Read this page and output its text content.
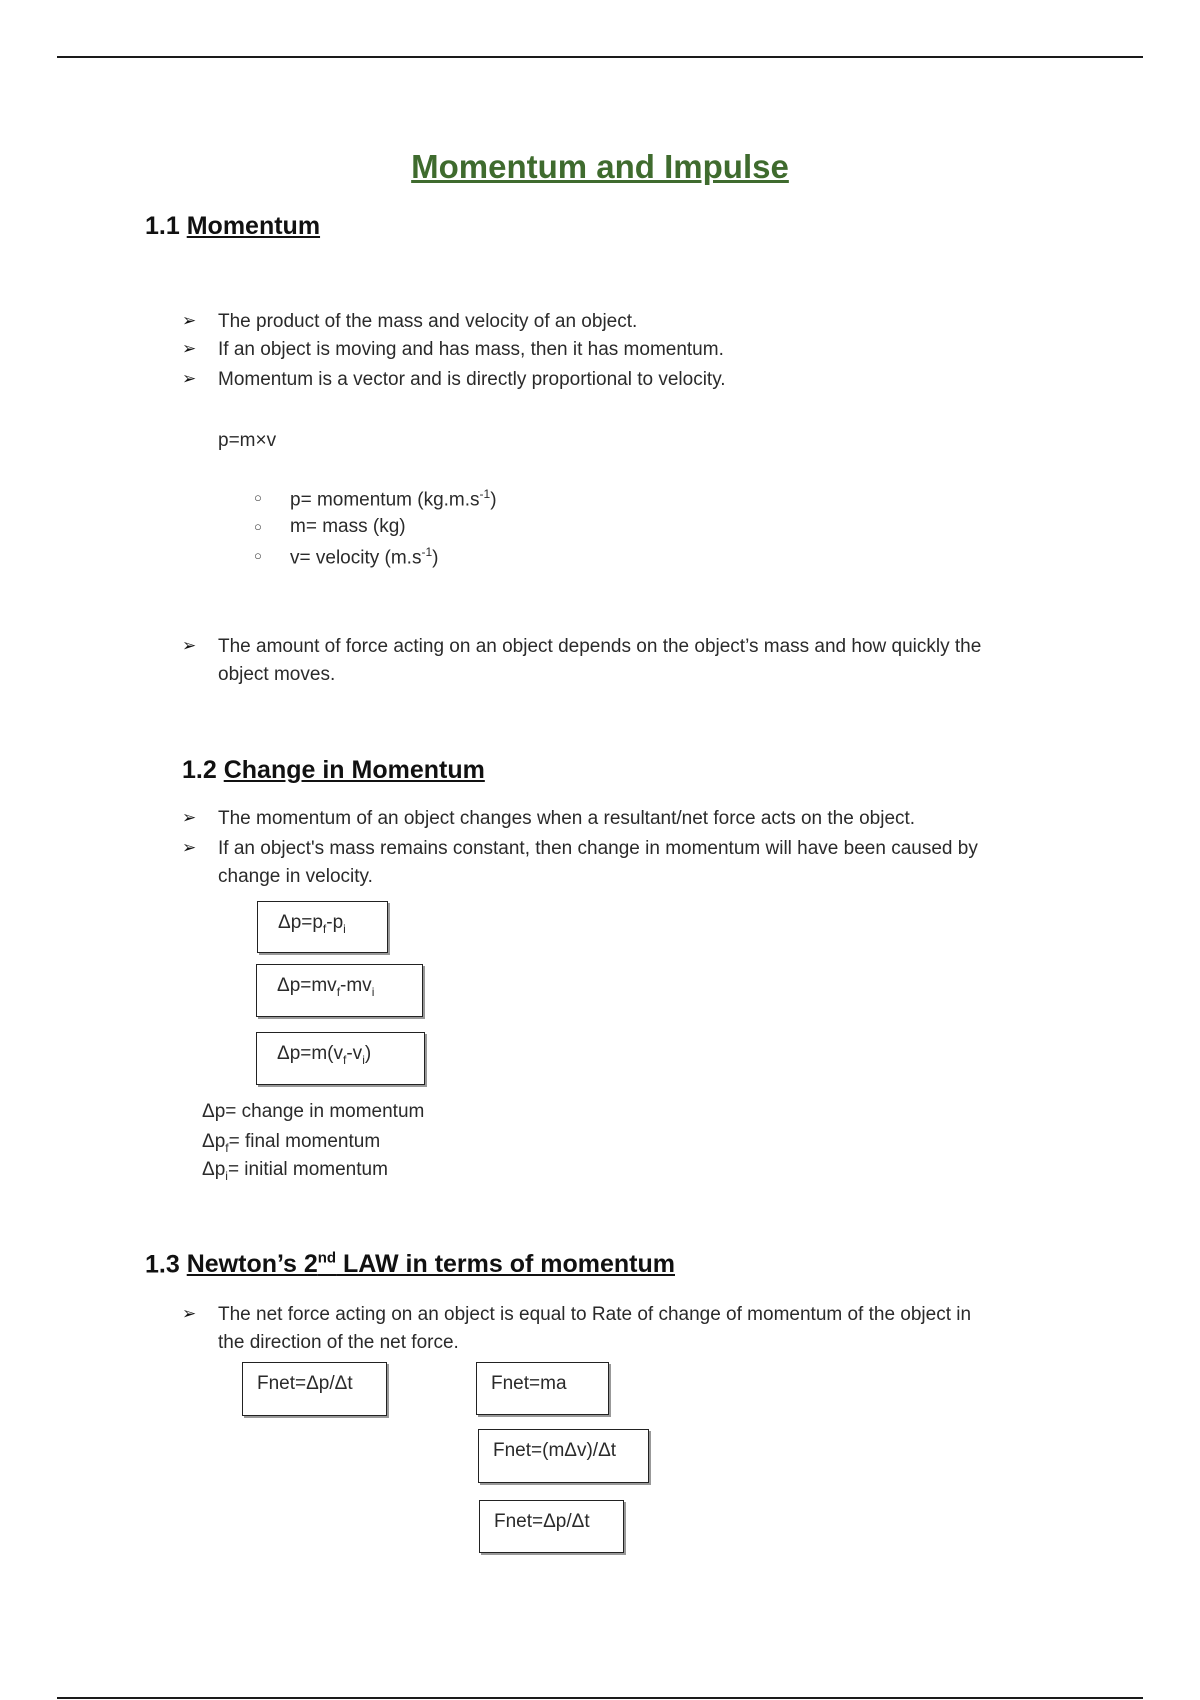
Momentum and Impulse
1.1 Momentum
➢ The product of the mass and velocity of an object.
➢ If an object is moving and has mass, then it has momentum.
➢ Momentum is a vector and is directly proportional to velocity.
p=m×v
○ p= momentum $(kg.m.s^{-1})$
○ m= mass (kg)
○ v= velocity $(m.s^{-1})$
➢ The amount of force acting on an object depends on the object’s mass and how quickly the
object moves.
1.2 Change in Momentum
➢ The momentum of an object changes when a resultant/net force acts on the object.
➢ If an object's mass remains constant, then change in momentum will have been caused by
change in velocity.
$\Delta p=p_f-p_i$
$\Delta p=mv_f-mv_i$
$\Delta p=m(v_f-v_i)$
Δp= change in momentum
$\Delta p_f=$ final momentum
$\Delta p_i=$ initial momentum
1.3 Newton’s 2nd LAW in terms of momentum
➢ The net force acting on an object is equal to Rate of change of momentum of the object in
the direction of the net force.
Fnet=Δp/Δt	Fnet=ma
Fnet=(mΔv)/Δt
Fnet=Δp/Δt
